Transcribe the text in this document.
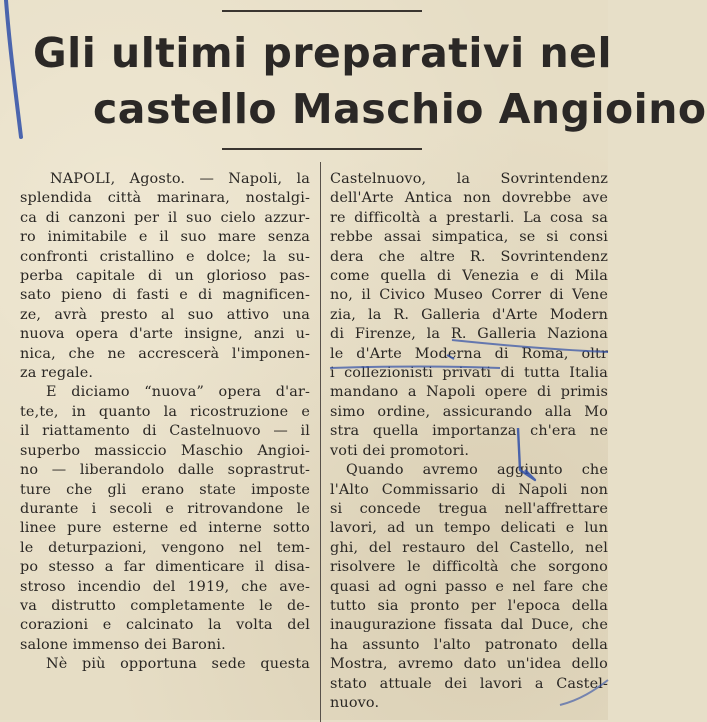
Gli ultimi preparativi nel
castello Maschio Angioino

NAPOLI, Agosto. — Napoli, la
splendida città marinara, nostalgi-
ca di canzoni per il suo cielo azzur-
ro inimitabile e il suo mare senza
confronti cristallino e dolce; la su-
perba capitale di un glorioso pas-
sato pieno di fasti e di magnificen-
ze, avrà presto al suo attivo una
nuova opera d'arte insigne, anzi u-
nica, che ne accrescerà l'imponen-
za regale.

E diciamo “nuova” opera d'ar-
te,te, in quanto la ricostruzione e
il riattamento di Castelnuovo — il
superbo massiccio Maschio Angioi-
no — liberandolo dalle soprastrut-
ture che gli erano state imposte
durante i secoli e ritrovandone le
linee pure esterne ed interne sotto
le deturpazioni, vengono nel tem-
po stesso a far dimenticare il disa-
stroso incendio del 1919, che ave-
va distrutto completamente le de-
corazioni e calcinato la volta del
salone immenso dei Baroni.

Nè più opportuna sede questa

Castelnuovo, la Sovrintendenz
dell'Arte Antica non dovrebbe ave
re difficoltà a prestarli. La cosa sa
rebbe assai simpatica, se si consi
dera che altre R. Sovrintendenz
come quella di Venezia e di Mila
no, il Civico Museo Correr di Vene
zia, la R. Galleria d'Arte Modern
di Firenze, la R. Galleria Naziona
le d'Arte Moderna di Roma, oltr
i collezionisti privati di tutta Italia
mandano a Napoli opere di primis
simo ordine, assicurando alla Mo
stra quella importanza ch'era ne
voti dei promotori.

Quando avremo aggiunto che
l'Alto Commissario di Napoli non
si concede tregua nell'affrettare
lavori, ad un tempo delicati e lun
ghi, del restauro del Castello, nel
risolvere le difficoltà che sorgono
quasi ad ogni passo e nel fare che
tutto sia pronto per l'epoca della
inaugurazione fissata dal Duce, che
ha assunto l'alto patronato della
Mostra, avremo dato un'idea dello
stato attuale dei lavori a Castel-
nuovo.
